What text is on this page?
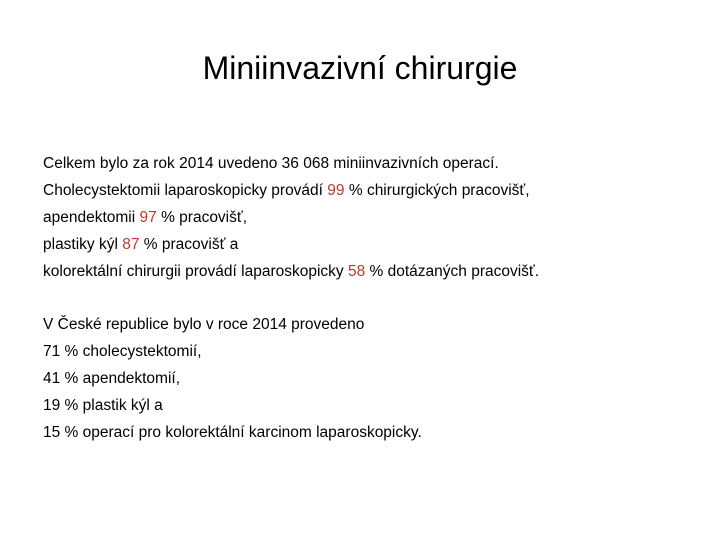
Miniinvazivní chirurgie

Celkem bylo za rok 2014 uvedeno 36 068 miniinvazivních operací.
Cholecystektomii laparoskopicky provádí 99 % chirurgických pracovišť,
apendektomii 97 % pracovišť,
plastiky kýl 87 % pracovišť a
kolorektální chirurgii provádí laparoskopicky 58 % dotázaných pracovišť.

V České republice bylo v roce 2014 provedeno
71 % cholecystektomií,
41 % apendektomií,
19 % plastik kýl a
15 % operací pro kolorektální karcinom laparoskopicky.
